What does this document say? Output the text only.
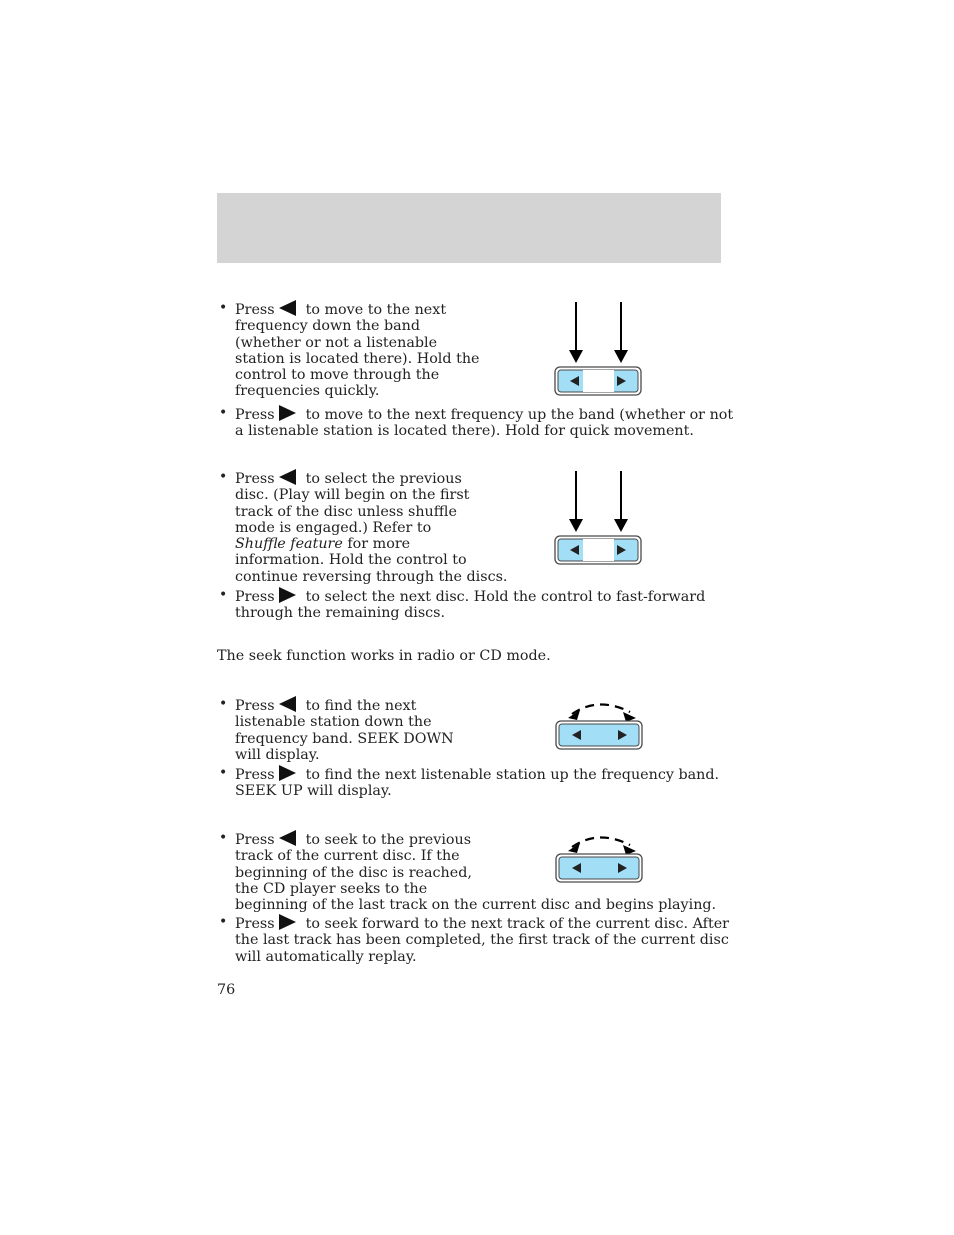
• Press to move to the next
frequency down the band
(whether or not a listenable
station is located there). Hold the
control to move through the
frequencies quickly.
• Press to move to the next frequency up the band (whether or not
a listenable station is located there). Hold for quick movement.
• Press to select the previous
disc. (Play will begin on the first
track of the disc unless shuffle
mode is engaged.) Refer to
Shuffle feature for more
information. Hold the control to
continue reversing through the discs.
• Press to select the next disc. Hold the control to fast-forward
through the remaining discs.
The seek function works in radio or CD mode.
• Press to find the next
listenable station down the
frequency band. SEEK DOWN
will display.
• Press to find the next listenable station up the frequency band.
SEEK UP will display.
• Press to seek to the previous
track of the current disc. If the
beginning of the disc is reached,
the CD player seeks to the
beginning of the last track on the current disc and begins playing.
• Press to seek forward to the next track of the current disc. After
the last track has been completed, the first track of the current disc
will automatically replay.
76
